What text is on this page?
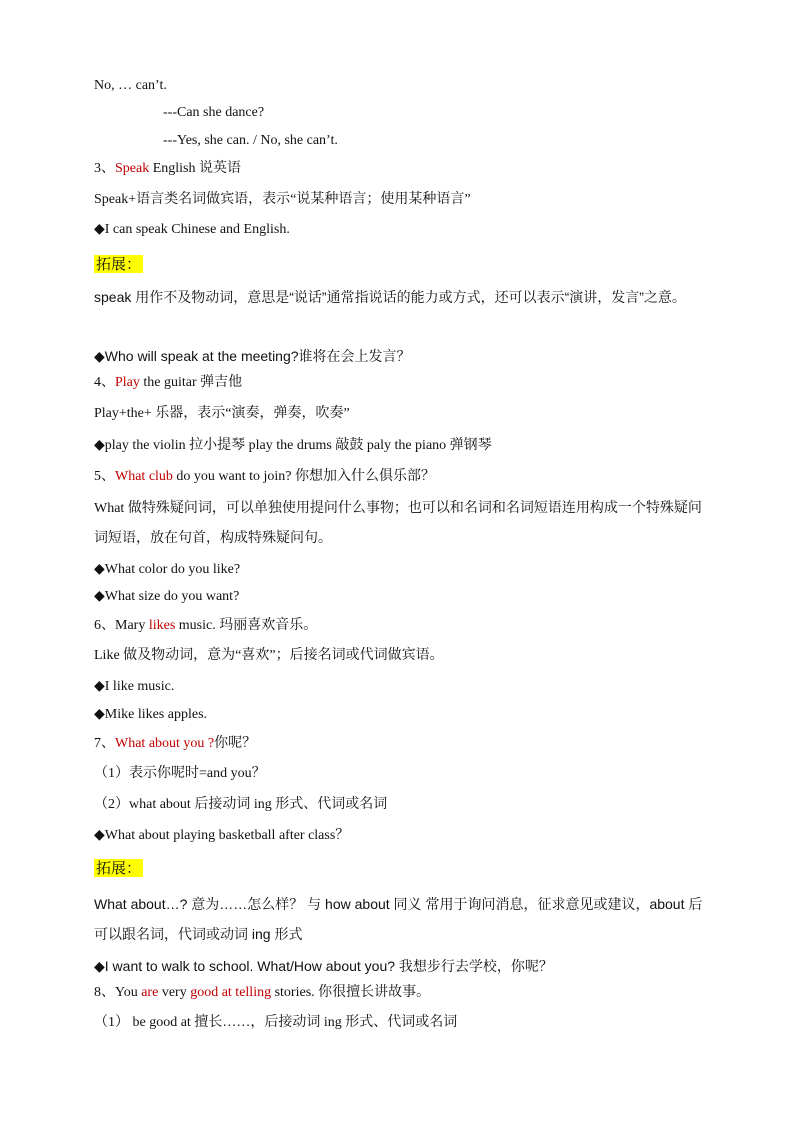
No, … can’t.
---Can she dance?
---Yes, she can. / No, she can’t.
3、Speak English 说英语
Speak+语言类名词做宾语，表示“说某种语言；使用某种语言”
◆I can speak Chinese and English.
拓展：
speak 用作不及物动词，意思是“说话”通常指说话的能力或方式，还可以表示“演讲，发言”之意。
◆Who will speak at the meeting?谁将在会上发言？
4、Play the guitar 弹吉他
Play+the+ 乐器，表示“演奏，弹奏，吹奏”
◆play the violin 拉小提琴 play the drums 敲鼓 paly the piano 弹钢琴
5、What club do you want to join? 你想加入什么俱乐部？
What 做特殊疑问词，可以单独使用提问什么事物；也可以和名词和名词短语连用构成一个特殊疑问词短语，放在句首，构成特殊疑问句。
◆What color do you like?
◆What size do you want?
6、Mary likes music. 玛丽喜欢音乐。
Like 做及物动词，意为“喜欢”；后接名词或代词做宾语。
◆I like music.
◆Mike likes apples.
7、What about you ?你呢？
（1）表示你呢时=and you？
（2）what about 后接动词 ing 形式、代词或名词
◆What about playing basketball after class？
拓展：
What about…? 意为……怎么样？ 与 how about 同义 常用于询问消息，征求意见或建议，about 后可以跟名词，代词或动词 ing 形式
◆I want to walk to school. What/How about you? 我想步行去学校，你呢？
8、You are very good at telling stories. 你很擅长讲故事。
（1） be good at 擅长……，后接动词 ing 形式、代词或名词
